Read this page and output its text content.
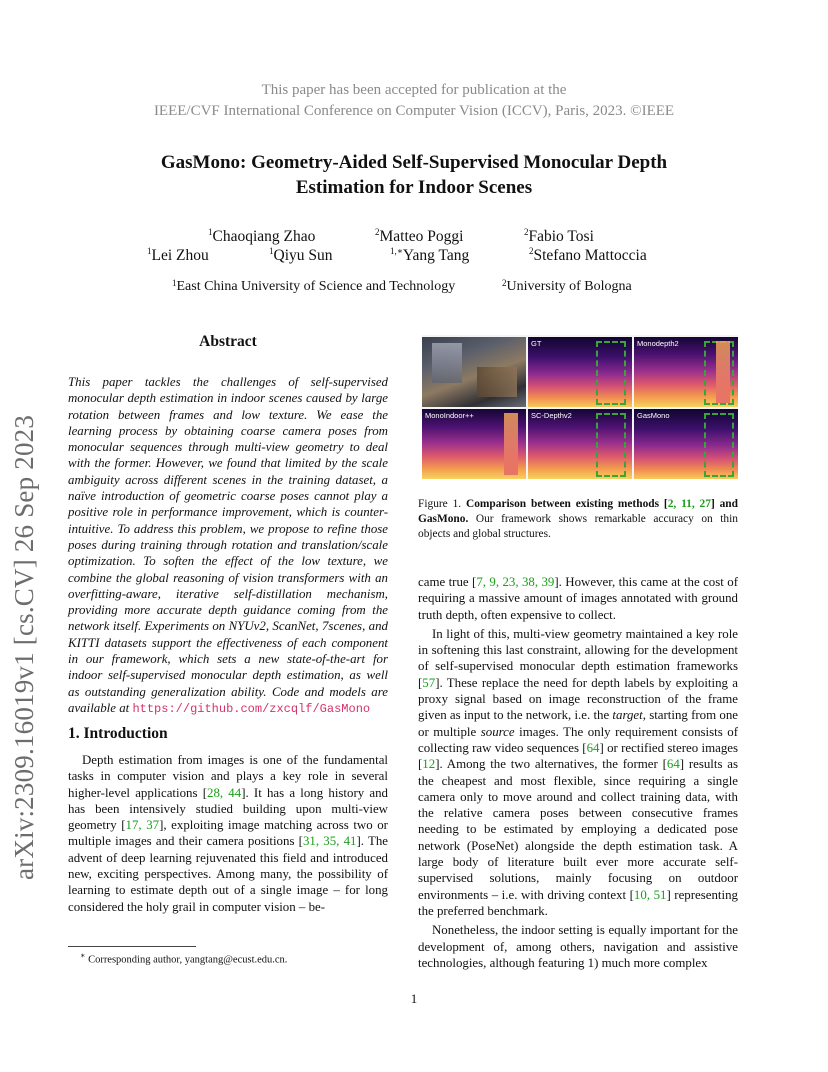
This paper has been accepted for publication at the
IEEE/CVF International Conference on Computer Vision (ICCV), Paris, 2023. ©IEEE
GasMono: Geometry-Aided Self-Supervised Monocular Depth
Estimation for Indoor Scenes
$^1$Chaoqiang Zhao	$^2$Matteo Poggi	$^2$Fabio Tosi
$^1$Lei Zhou	$^1$Qiyu Sun	$^{1,∗}$Yang Tang	$^2$Stefano Mattoccia
$^1$East China University of Science and Technology	$^2$University of Bologna
arXiv:2309.16019v1 [cs.CV] 26 Sep 2023
Abstract
This paper tackles the challenges of self-supervised monocular depth estimation in indoor scenes caused by large rotation between frames and low texture. We ease the learning process by obtaining coarse camera poses from monocular sequences through multi-view geometry to deal with the former. However, we found that limited by the scale ambiguity across different scenes in the training dataset, a naïve introduction of geometric coarse poses cannot play a positive role in performance improvement, which is counter-intuitive. To address this problem, we propose to refine those poses during training through rotation and translation/scale optimization. To soften the effect of the low texture, we combine the global reasoning of vision transformers with an overfitting-aware, iterative self-distillation mechanism, providing more accurate depth guidance coming from the network itself. Experiments on NYUv2, ScanNet, 7scenes, and KITTI datasets support the effectiveness of each component in our framework, which sets a new state-of-the-art for indoor self-supervised monocular depth estimation, as well as outstanding generalization ability. Code and models are available at https://github.com/zxcqlf/GasMono
1. Introduction

Depth estimation from images is one of the fundamental tasks in computer vision and plays a key role in several higher-level applications [28, 44]. It has a long history and has been intensively studied building upon multi-view geometry [17, 37], exploiting image matching across two or multiple images and their camera positions [31, 35, 41]. The advent of deep learning rejuvenated this field and introduced new, exciting perspectives. Among many, the possibility of learning to estimate depth out of a single image – for long considered the holy grail in computer vision – be-

∗ Corresponding author, yangtang@ecust.edu.cn.
GT	Monodepth2
MonoIndoor++	SC-Depthv2	GasMono
Figure 1. Comparison between existing methods [2, 11, 27] and GasMono. Our framework shows remarkable accuracy on thin objects and global structures.

came true [7, 9, 23, 38, 39]. However, this came at the cost of requiring a massive amount of images annotated with ground truth depth, often expensive to collect.

In light of this, multi-view geometry maintained a key role in softening this last constraint, allowing for the development of self-supervised monocular depth estimation frameworks [57]. These replace the need for depth labels by exploiting a proxy signal based on image reconstruction of the frame given as input to the network, i.e. the target, starting from one or multiple source images. The only requirement consists of collecting raw video sequences [64] or rectified stereo images [12]. Among the two alternatives, the former [64] results as the cheapest and most flexible, since requiring a single camera only to move around and collect training data, with the relative camera poses between consecutive frames needing to be estimated by employing a dedicated pose network (PoseNet) alongside the depth estimation task. A large body of literature built ever more accurate self-supervised solutions, mainly focusing on outdoor environments – i.e. with driving context [10, 51] representing the preferred benchmark.

Nonetheless, the indoor setting is equally important for the development of, among others, navigation and assistive technologies, although featuring 1) much more complex

1
